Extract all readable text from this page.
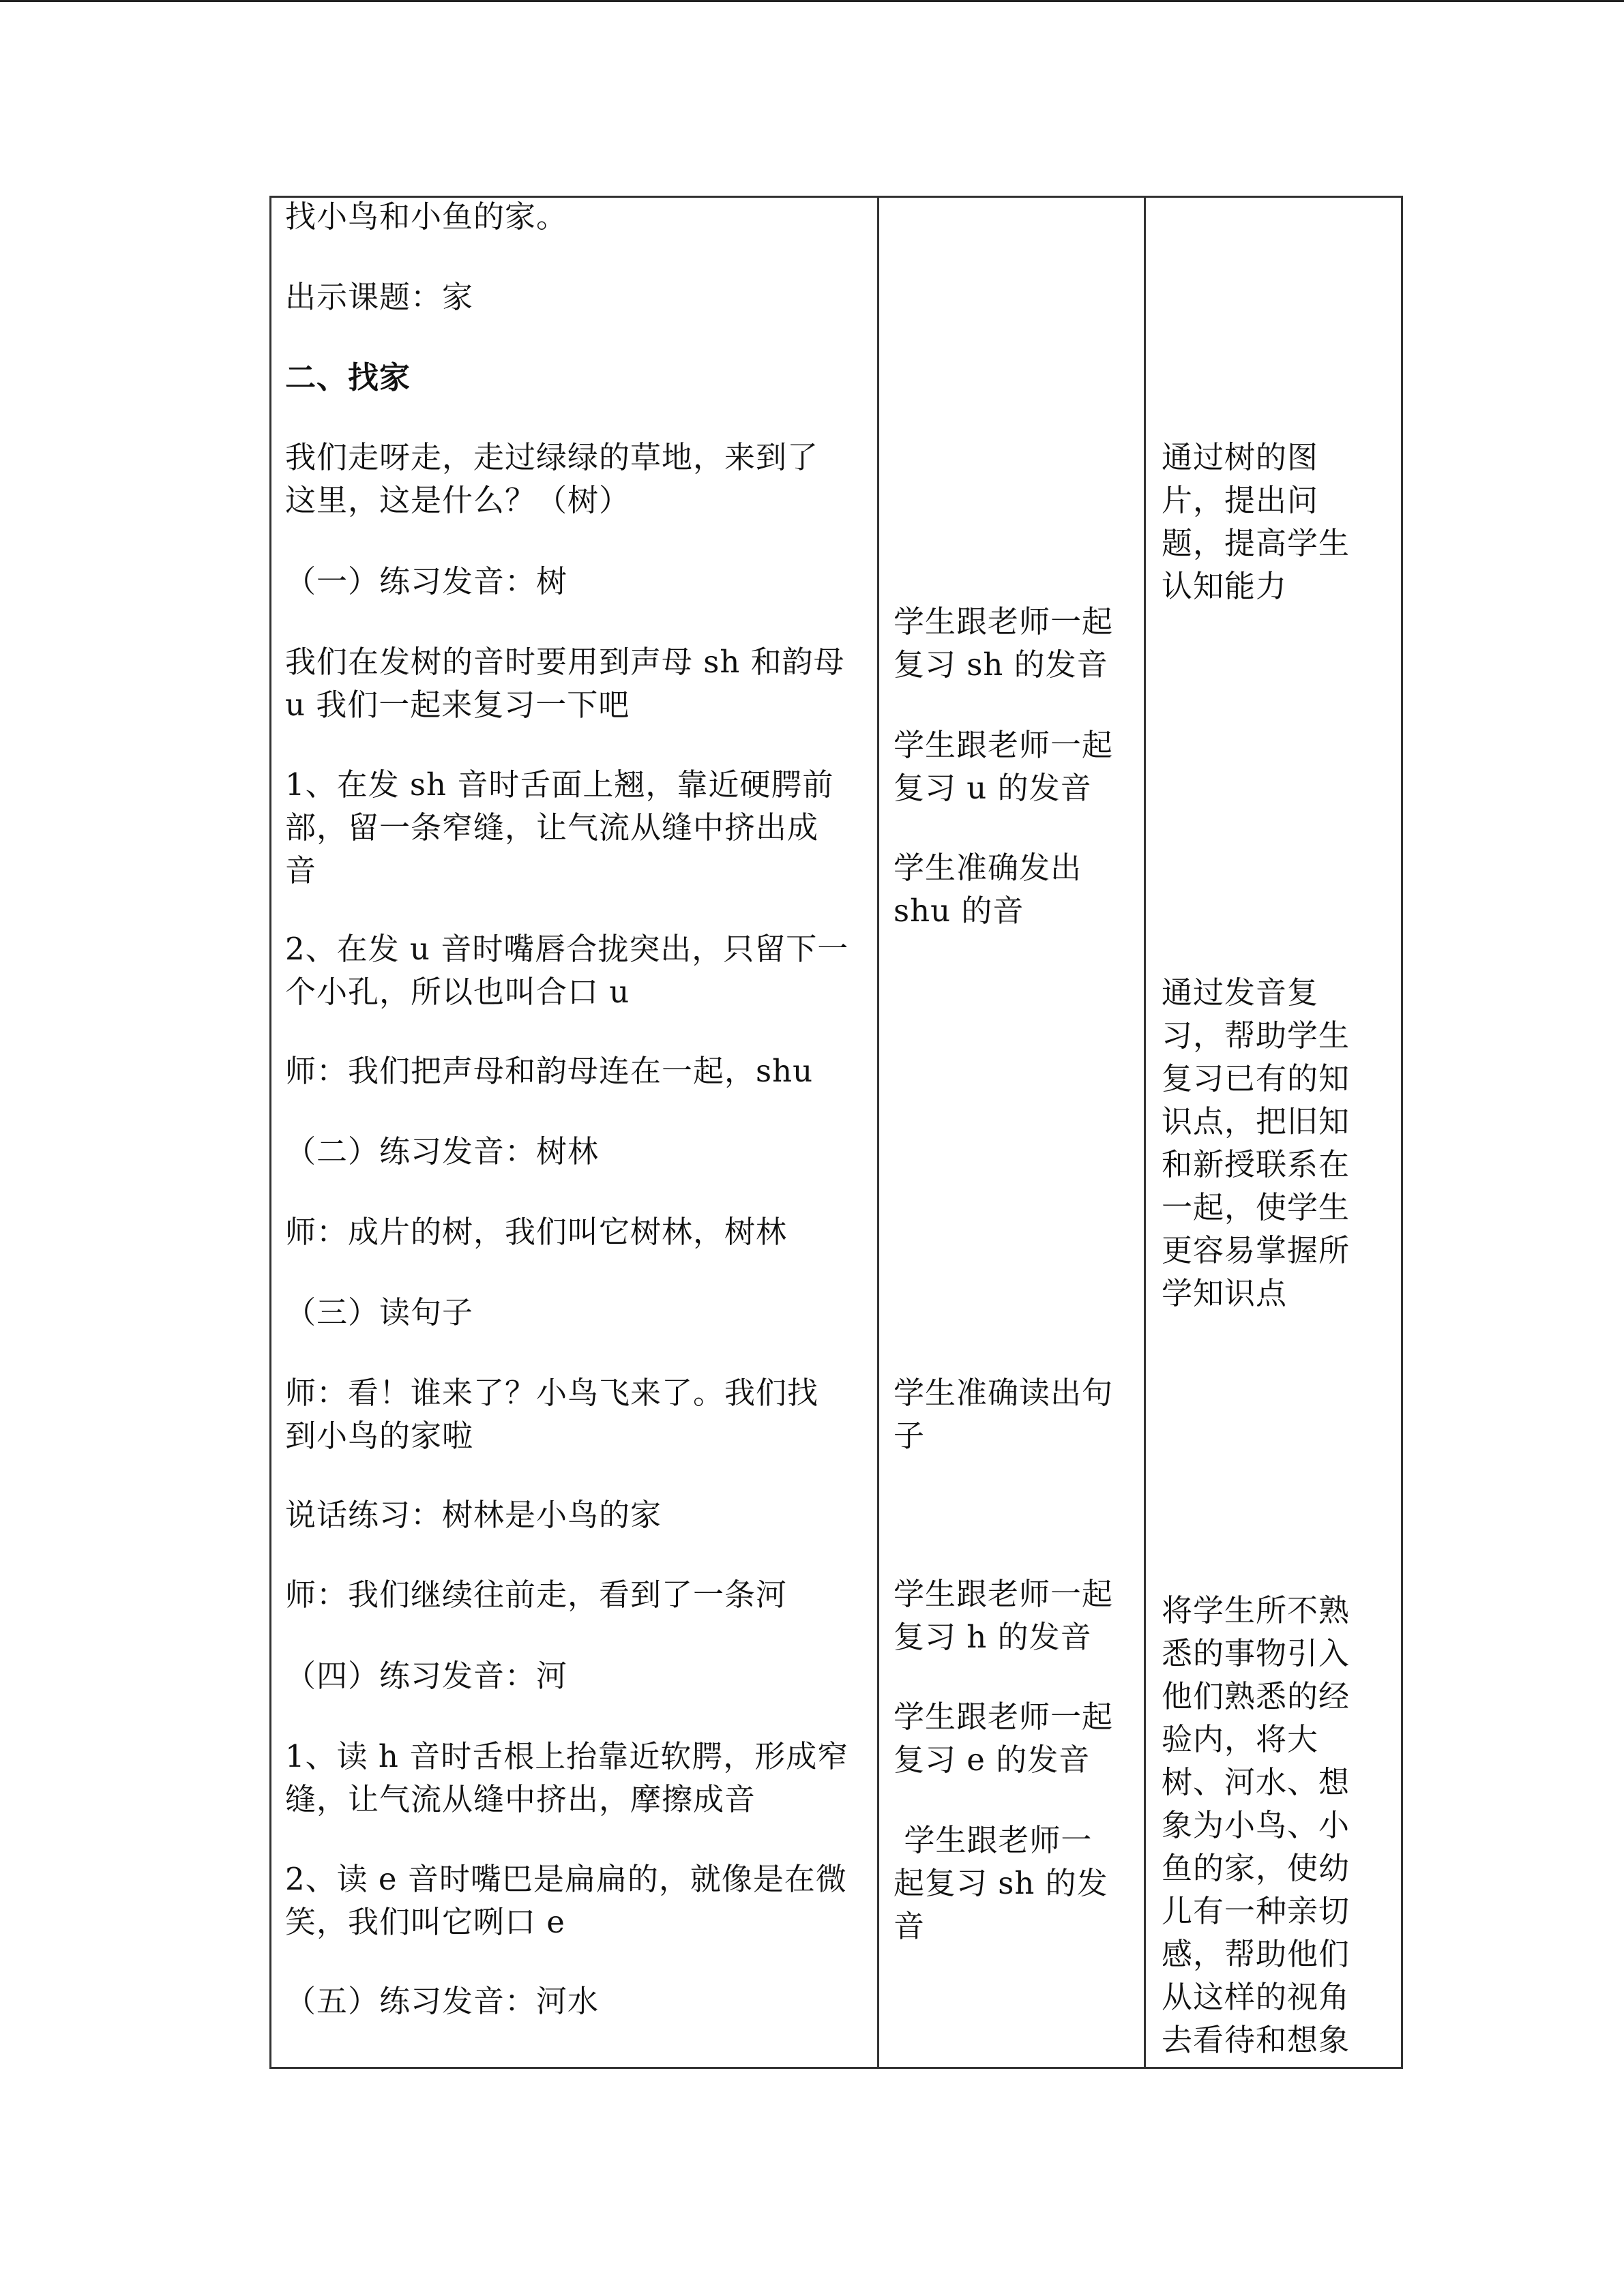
找小鸟和小鱼的家。

出示课题：家

二、找家

我们走呀走，走过绿绿的草地，来到了
这里，这是什么？（树）

（一）练习发音：树

我们在发树的音时要用到声母 sh 和韵母
u 我们一起来复习一下吧

1、在发 sh 音时舌面上翘，靠近硬腭前
部，留一条窄缝，让气流从缝中挤出成
音

2、在发 u 音时嘴唇合拢突出，只留下一
个小孔，所以也叫合口 u

师：我们把声母和韵母连在一起，shu

（二）练习发音：树林

师：成片的树，我们叫它树林，树林

（三）读句子

师：看！谁来了？小鸟飞来了。我们找
到小鸟的家啦

说话练习：树林是小鸟的家

师：我们继续往前走，看到了一条河

（四）练习发音：河

1、读 h 音时舌根上抬靠近软腭，形成窄
缝，让气流从缝中挤出，摩擦成音

2、读 e 音时嘴巴是扁扁的，就像是在微
笑，我们叫它咧口 e

（五）练习发音：河水

学生跟老师一起
复习 sh 的发音

学生跟老师一起
复习 u 的发音

学生准确发出
shu 的音

学生准确读出句
子

学生跟老师一起
复习 h 的发音

学生跟老师一起
复习 e 的发音

学生跟老师一
起复习 sh 的发
音

通过树的图
片，提出问
题，提高学生
认知能力

通过发音复
习，帮助学生
复习已有的知
识点，把旧知
和新授联系在
一起，使学生
更容易掌握所
学知识点

将学生所不熟
悉的事物引入
他们熟悉的经
验内，将大
树、河水、想
象为小鸟、小
鱼的家，使幼
儿有一种亲切
感，帮助他们
从这样的视角
去看待和想象
